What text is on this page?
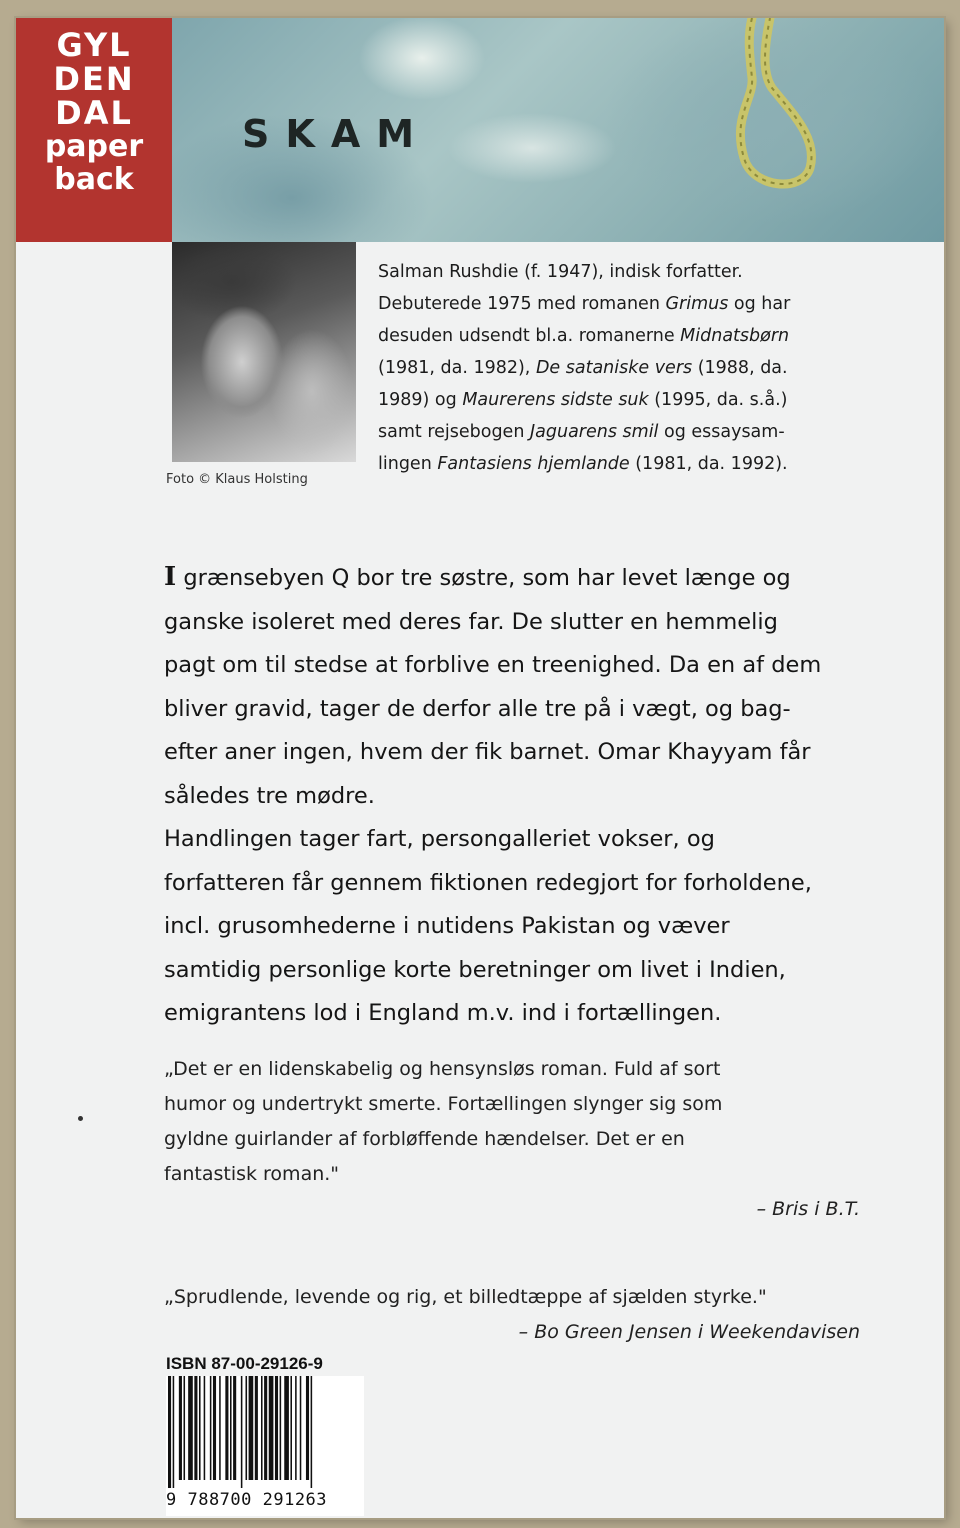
SKAM
GYL
DEN
DAL
paper
back
Foto © Klaus Holsting

Salman Rushdie (f. 1947), indisk forfatter.

Debuterede 1975 med romanen Grimus og har

desuden udsendt bl.a. romanerne Midnatsbørn

(1981, da. 1982), De sataniske vers (1988, da.

1989) og Maurerens sidste suk (1995, da. s.å.)

samt rejsebogen Jaguarens smil og essaysam-

lingen Fantasiens hjemlande (1981, da. 1992).

I grænsebyen Q bor tre søstre, som har levet længe og

ganske isoleret med deres far. De slutter en hemmelig

pagt om til stedse at forblive en treenighed. Da en af dem

bliver gravid, tager de derfor alle tre på i vægt, og bag-

efter aner ingen, hvem der fik barnet. Omar Khayyam får

således tre mødre.

Handlingen tager fart, persongalleriet vokser, og

forfatteren får gennem fiktionen redegjort for forholdene,

incl. grusomhederne i nutidens Pakistan og væver

samtidig personlige korte beretninger om livet i Indien,

emigrantens lod i England m.v. ind i fortællingen.

„Det er en lidenskabelig og hensynsløs roman. Fuld af sort

humor og undertrykt smerte. Fortællingen slynger sig som

gyldne guirlander af forbløffende hændelser. Det er en

fantastisk roman."

– Bris i B.T.

„Sprudlende, levende og rig, et billedtæppe af sjælden styrke."

– Bo Green Jensen i Weekendavisen

ISBN 87-00-29126-9
9 788700 291263
